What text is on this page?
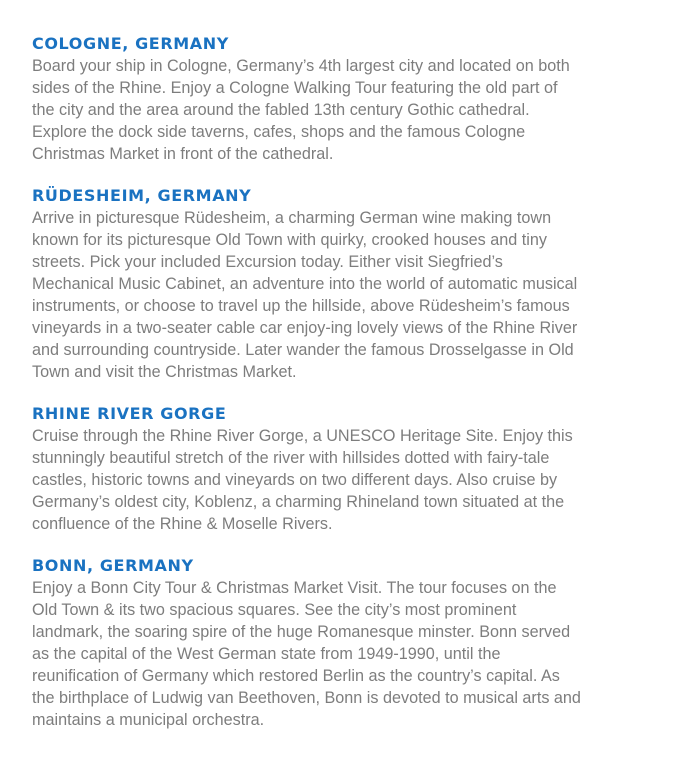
COLOGNE, GERMANY

Board your ship in Cologne, Germany’s 4th largest city and located on both
sides of the Rhine. Enjoy a Cologne Walking Tour featuring the old part of
the city and the area around the fabled 13th century Gothic cathedral.
Explore the dock side taverns, cafes, shops and the famous Cologne
Christmas Market in front of the cathedral.

RÜDESHEIM, GERMANY

Arrive in picturesque Rüdesheim, a charming German wine making town
known for its picturesque Old Town with quirky, crooked houses and tiny
streets. Pick your included Excursion today. Either visit Siegfried’s
Mechanical Music Cabinet, an adventure into the world of automatic musical
instruments, or choose to travel up the hillside, above Rüdesheim’s famous
vineyards in a two-seater cable car enjoy-ing lovely views of the Rhine River
and surrounding countryside. Later wander the famous Drosselgasse in Old
Town and visit the Christmas Market.

RHINE RIVER GORGE

Cruise through the Rhine River Gorge, a UNESCO Heritage Site. Enjoy this
stunningly beautiful stretch of the river with hillsides dotted with fairy-tale
castles, historic towns and vineyards on two different days. Also cruise by
Germany’s oldest city, Koblenz, a charming Rhineland town situated at the
confluence of the Rhine & Moselle Rivers.

BONN, GERMANY

Enjoy a Bonn City Tour & Christmas Market Visit. The tour focuses on the
Old Town & its two spacious squares. See the city’s most prominent
landmark, the soaring spire of the huge Romanesque minster. Bonn served
as the capital of the West German state from 1949-1990, until the
reunification of Germany which restored Berlin as the country’s capital. As
the birthplace of Ludwig van Beethoven, Bonn is devoted to musical arts and
maintains a municipal orchestra.
